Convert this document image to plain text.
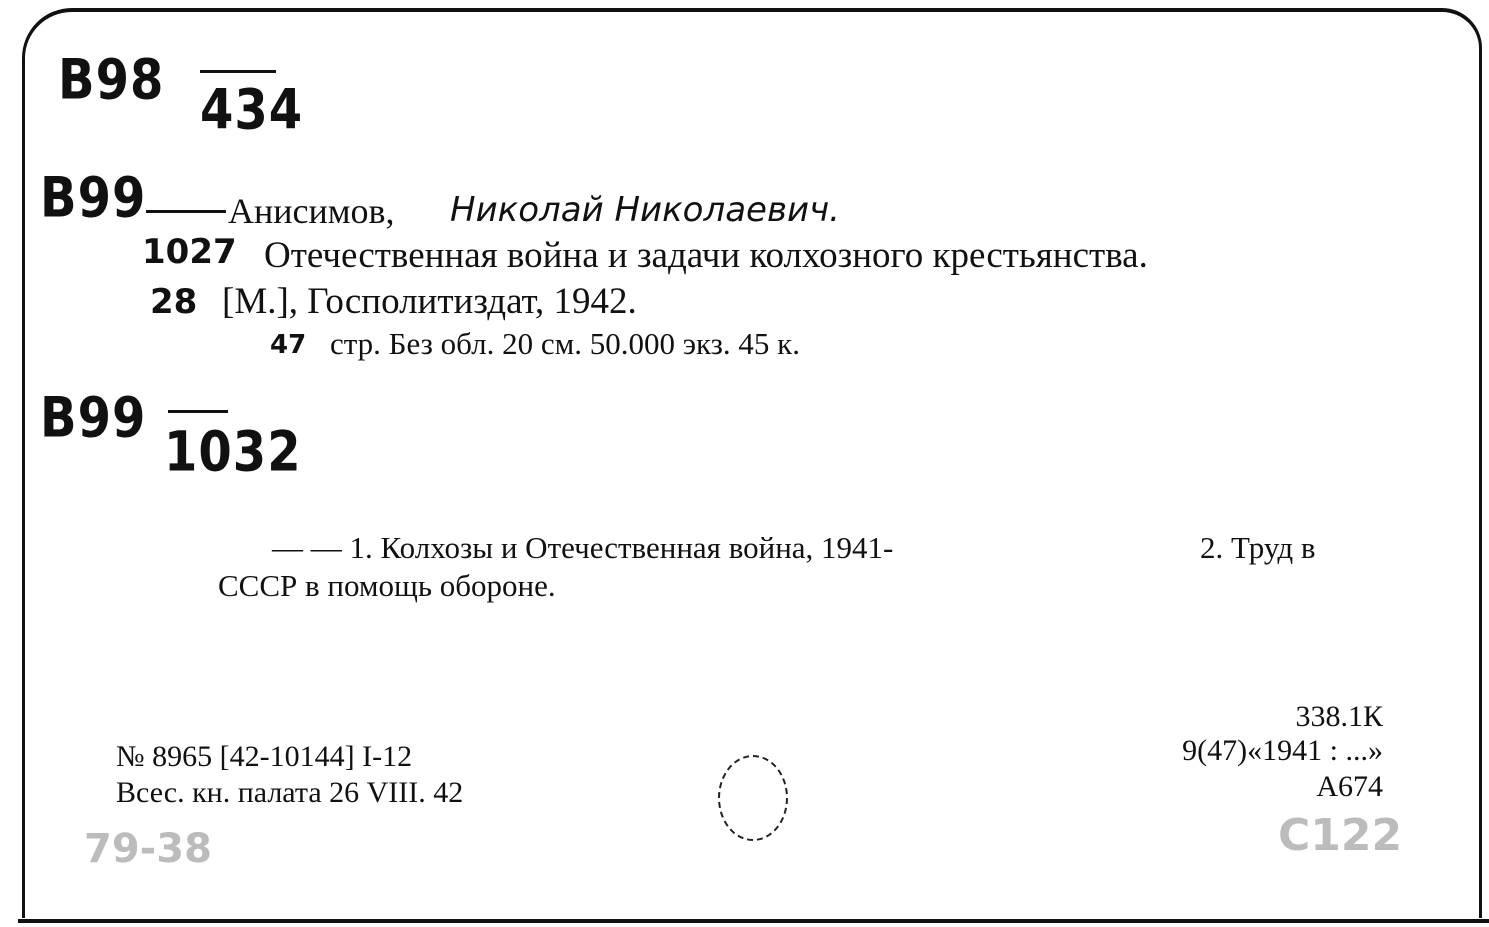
B98 434
B99 Анисимов, Николай Николаевич.
1027 Отечественная война и задачи колхозного крестьянства.
28 [М.], Госполитиздат, 1942.
47 стр. Без обл. 20 см. 50.000 экз. 45 к.
B99
1032
— — 1. Колхозы и Отечественная война, 1941-	2. Труд в
СССР в помощь обороне.
338.1К
9(47)«1941 : ...»
А674
№ 8965 [42-10144] I-12
Всес. кн. палата 26 VIII. 42
79-38	C122
